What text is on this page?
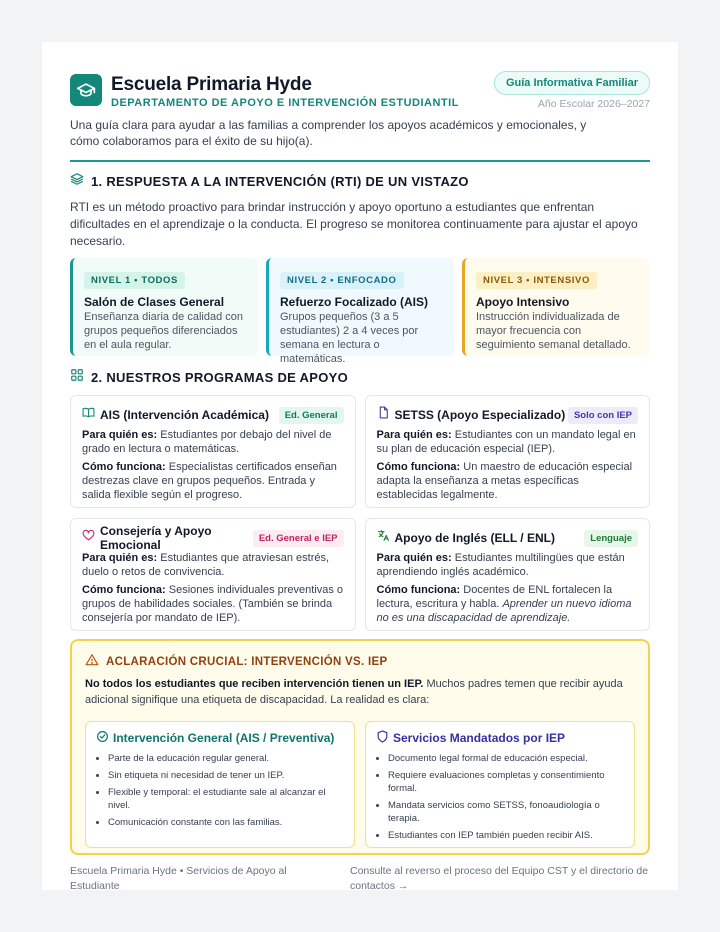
Escuela Primaria Hyde
DEPARTAMENTO DE APOYO E INTERVENCIÓN ESTUDIANTIL
Guía Informativa Familiar
Año Escolar 2026–2027

Una guía clara para ayudar a las familias a comprender los apoyos académicos y emocionales, y cómo colaboramos para el éxito de su hijo(a).

1. RESPUESTA A LA INTERVENCIÓN (RTI) DE UN VISTAZO

RTI es un método proactivo para brindar instrucción y apoyo oportuno a estudiantes que enfrentan dificultades en el aprendizaje o la conducta. El progreso se monitorea continuamente para ajustar el apoyo necesario.

NIVEL 1 • TODOS
Salón de Clases General

Enseñanza diaria de calidad con grupos pequeños diferenciados en el aula regular.

NIVEL 2 • ENFOCADO
Refuerzo Focalizado (AIS)

Grupos pequeños (3 a 5 estudiantes) 2 a 4 veces por semana en lectura o matemáticas.

NIVEL 3 • INTENSIVO
Apoyo Intensivo

Instrucción individualizada de mayor frecuencia con seguimiento semanal detallado.

2. NUESTROS PROGRAMAS DE APOYO
AIS (Intervención Académica)	Ed. General

Para quién es: Estudiantes por debajo del nivel de grado en lectura o matemáticas.

Cómo funciona: Especialistas certificados enseñan destrezas clave en grupos pequeños. Entrada y salida flexible según el progreso.

SETSS (Apoyo Especializado) Solo con IEP

Para quién es: Estudiantes con un mandato legal en su plan de educación especial (IEP).

Cómo funciona: Un maestro de educación especial adapta la enseñanza a metas específicas establecidas legalmente.

Consejería y Apoyo Emocional	Ed. General e IEP

Para quién es: Estudiantes que atraviesan estrés, duelo o retos de convivencia.

Cómo funciona: Sesiones individuales preventivas o grupos de habilidades sociales. (También se brinda consejería por mandato de IEP).

Apoyo de Inglés (ELL / ENL)	Lenguaje

Para quién es: Estudiantes multilingües que están aprendiendo inglés académico.

Cómo funciona: Docentes de ENL fortalecen la lectura, escritura y habla. Aprender un nuevo idioma no es una discapacidad de aprendizaje.

ACLARACIÓN CRUCIAL: INTERVENCIÓN VS. IEP

No todos los estudiantes que reciben intervención tienen un IEP. Muchos padres temen que recibir ayuda adicional signifique una etiqueta de discapacidad. La realidad es clara:

Intervención General (AIS / Preventiva)
• Parte de la educación regular general.
• Sin etiqueta ni necesidad de tener un IEP.
• Flexible y temporal: el estudiante sale al alcanzar el nivel.
• Comunicación constante con las familias.
Servicios Mandatados por IEP
• Documento legal formal de educación especial.
• Requiere evaluaciones completas y consentimiento formal.
• Mandata servicios como SETSS, fonoaudiología o terapia.
• Estudiantes con IEP también pueden recibir AIS.
Escuela Primaria Hyde • Servicios de Apoyo al Estudiante
Consulte al reverso el proceso del Equipo CST y el directorio de contactos →
